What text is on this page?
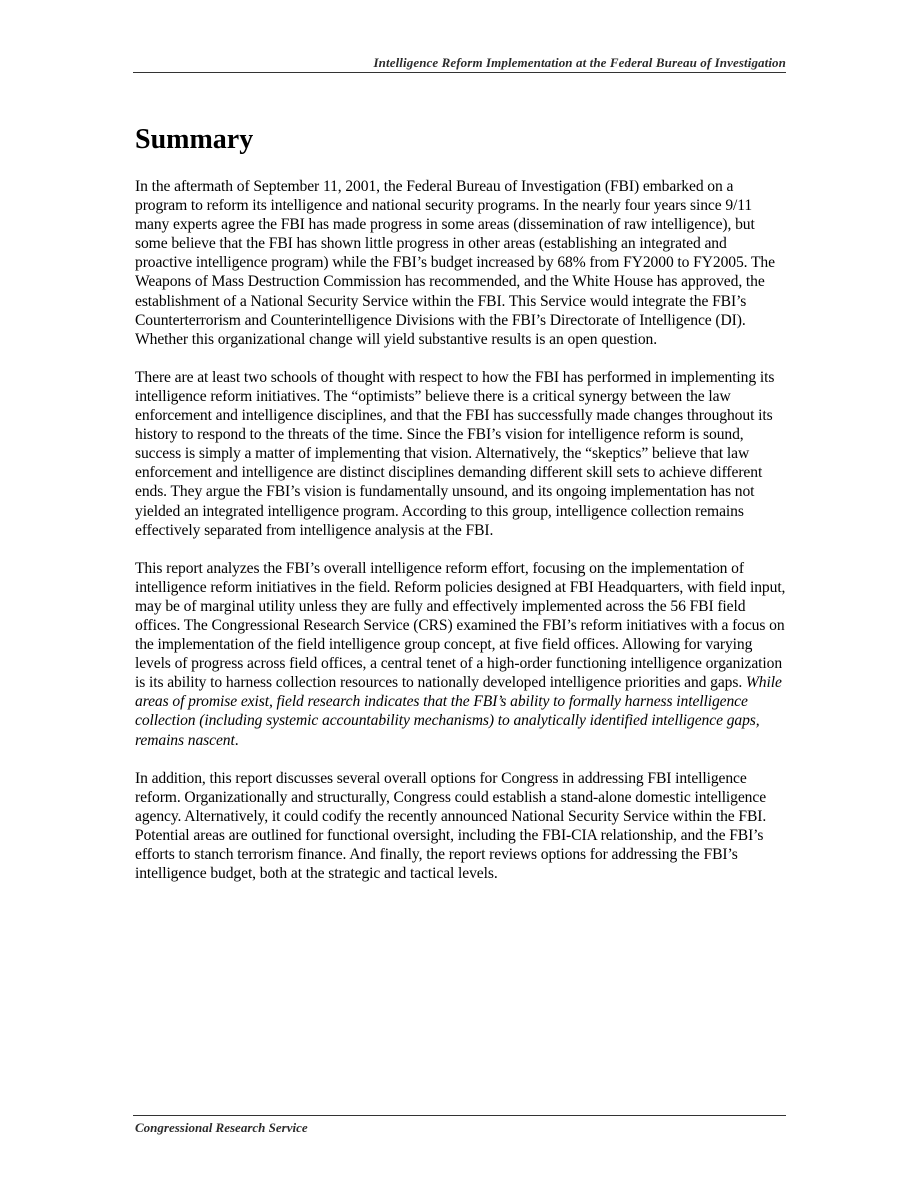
Intelligence Reform Implementation at the Federal Bureau of Investigation
Summary

In the aftermath of September 11, 2001, the Federal Bureau of Investigation (FBI) embarked on a program to reform its intelligence and national security programs. In the nearly four years since 9/11 many experts agree the FBI has made progress in some areas (dissemination of raw intelligence), but some believe that the FBI has shown little progress in other areas (establishing an integrated and proactive intelligence program) while the FBI’s budget increased by 68% from FY2000 to FY2005. The Weapons of Mass Destruction Commission has recommended, and the White House has approved, the establishment of a National Security Service within the FBI. This Service would integrate the FBI’s Counterterrorism and Counterintelligence Divisions with the FBI’s Directorate of Intelligence (DI). Whether this organizational change will yield substantive results is an open question.

There are at least two schools of thought with respect to how the FBI has performed in implementing its intelligence reform initiatives. The “optimists” believe there is a critical synergy between the law enforcement and intelligence disciplines, and that the FBI has successfully made changes throughout its history to respond to the threats of the time. Since the FBI’s vision for intelligence reform is sound, success is simply a matter of implementing that vision. Alternatively, the “skeptics” believe that law enforcement and intelligence are distinct disciplines demanding different skill sets to achieve different ends. They argue the FBI’s vision is fundamentally unsound, and its ongoing implementation has not yielded an integrated intelligence program. According to this group, intelligence collection remains effectively separated from intelligence analysis at the FBI.

This report analyzes the FBI’s overall intelligence reform effort, focusing on the implementation of intelligence reform initiatives in the field. Reform policies designed at FBI Headquarters, with field input, may be of marginal utility unless they are fully and effectively implemented across the 56 FBI field offices. The Congressional Research Service (CRS) examined the FBI’s reform initiatives with a focus on the implementation of the field intelligence group concept, at five field offices. Allowing for varying levels of progress across field offices, a central tenet of a high-order functioning intelligence organization is its ability to harness collection resources to nationally developed intelligence priorities and gaps. While areas of promise exist, field research indicates that the FBI’s ability to formally harness intelligence collection (including systemic accountability mechanisms) to analytically identified intelligence gaps, remains nascent.

In addition, this report discusses several overall options for Congress in addressing FBI intelligence reform. Organizationally and structurally, Congress could establish a stand-alone domestic intelligence agency. Alternatively, it could codify the recently announced National Security Service within the FBI. Potential areas are outlined for functional oversight, including the FBI-CIA relationship, and the FBI’s efforts to stanch terrorism finance. And finally, the report reviews options for addressing the FBI’s intelligence budget, both at the strategic and tactical levels.

Congressional Research Service
